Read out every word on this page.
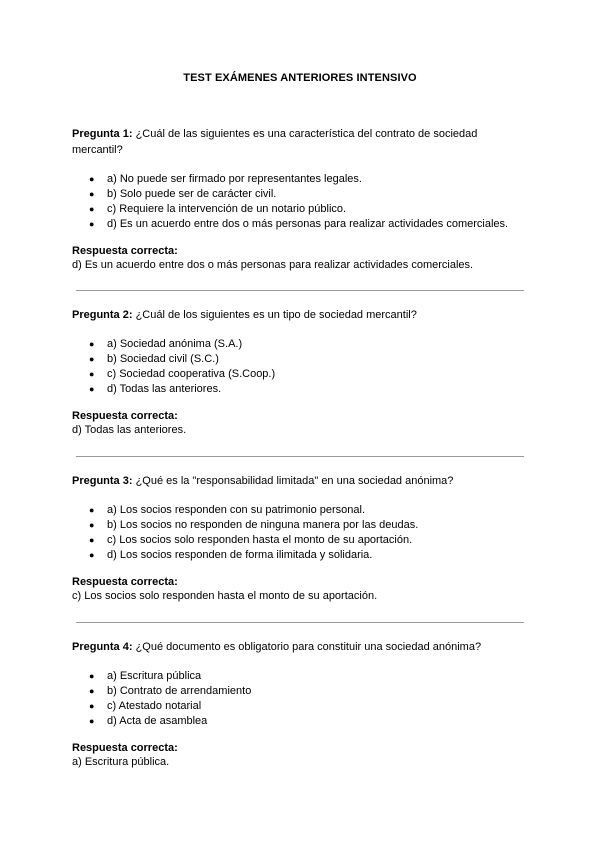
TEST EXÁMENES ANTERIORES INTENSIVO
Pregunta 1: ¿Cuál de las siguientes es una característica del contrato de sociedad mercantil?
● a) No puede ser firmado por representantes legales.
● b) Solo puede ser de carácter civil.
● c) Requiere la intervención de un notario público.
● d) Es un acuerdo entre dos o más personas para realizar actividades comerciales.
Respuesta correcta:
d) Es un acuerdo entre dos o más personas para realizar actividades comerciales.
Pregunta 2: ¿Cuál de los siguientes es un tipo de sociedad mercantil?
● a) Sociedad anónima (S.A.)
● b) Sociedad civil (S.C.)
● c) Sociedad cooperativa (S.Coop.)
● d) Todas las anteriores.
Respuesta correcta:
d) Todas las anteriores.
Pregunta 3: ¿Qué es la "responsabilidad limitada" en una sociedad anónima?
● a) Los socios responden con su patrimonio personal.
● b) Los socios no responden de ninguna manera por las deudas.
● c) Los socios solo responden hasta el monto de su aportación.
● d) Los socios responden de forma ilimitada y solidaria.
Respuesta correcta:
c) Los socios solo responden hasta el monto de su aportación.
Pregunta 4: ¿Qué documento es obligatorio para constituir una sociedad anónima?
● a) Escritura pública
● b) Contrato de arrendamiento
● c) Atestado notarial
● d) Acta de asamblea
Respuesta correcta:
a) Escritura pública.
